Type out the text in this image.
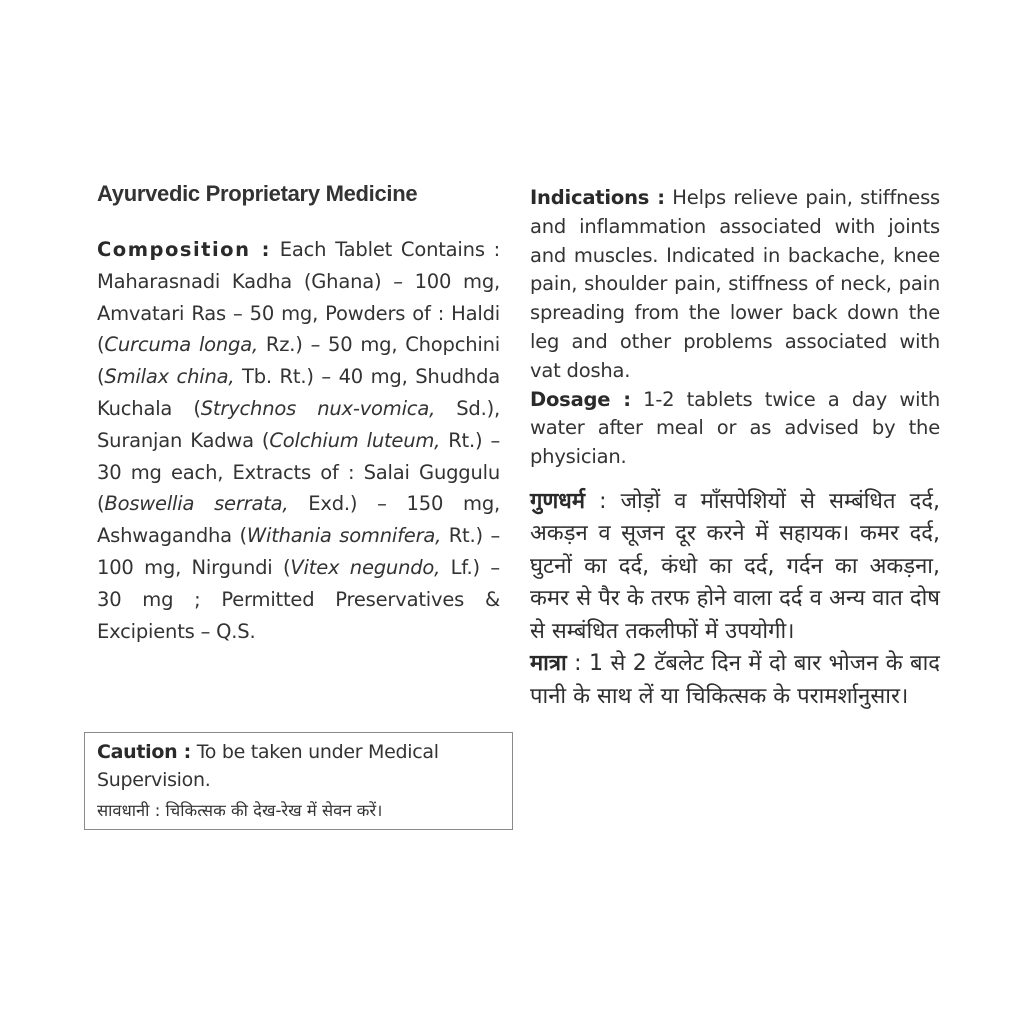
Ayurvedic Proprietary Medicine

Composition : Each Tablet Contains : Maharasnadi Kadha (Ghana) – 100 mg, Amvatari Ras – 50 mg, Powders of : Haldi (Curcuma longa, Rz.) – 50 mg, Chopchini (Smilax china, Tb. Rt.) – 40 mg, Shudhda Kuchala (Strychnos nux-vomica, Sd.), Suranjan Kadwa (Colchium luteum, Rt.) – 30 mg each, Extracts of : Salai Guggulu (Boswellia serrata, Exd.) – 150 mg, Ashwagandha (Withania somnifera, Rt.) – 100 mg, Nirgundi (Vitex negundo, Lf.) – 30 mg ; Permitted Preservatives & Excipients – Q.S.

Caution : To be taken under Medical Supervision.

सावधानी : चिकित्सक की देख-रेख में सेवन करें।

Indications : Helps relieve pain, stiffness and inflammation associated with joints and muscles. Indicated in backache, knee pain, shoulder pain, stiffness of neck, pain spreading from the lower back down the leg and other problems associated with vat dosha.

Dosage : 1-2 tablets twice a day with water after meal or as advised by the physician.

गुणधर्म : जोड़ों व माँसपेशियों से सम्बंधित दर्द, अकड़न व सूजन दूर करने में सहायक। कमर दर्द, घुटनों का दर्द, कंधो का दर्द, गर्दन का अकड़ना, कमर से पैर के तरफ होने वाला दर्द व अन्य वात दोष से सम्बंधित तकलीफों में उपयोगी।

मात्रा : 1 से 2 टॅबलेट दिन में दो बार भोजन के बाद पानी के साथ लें या चिकित्सक के परामर्शानुसार।
